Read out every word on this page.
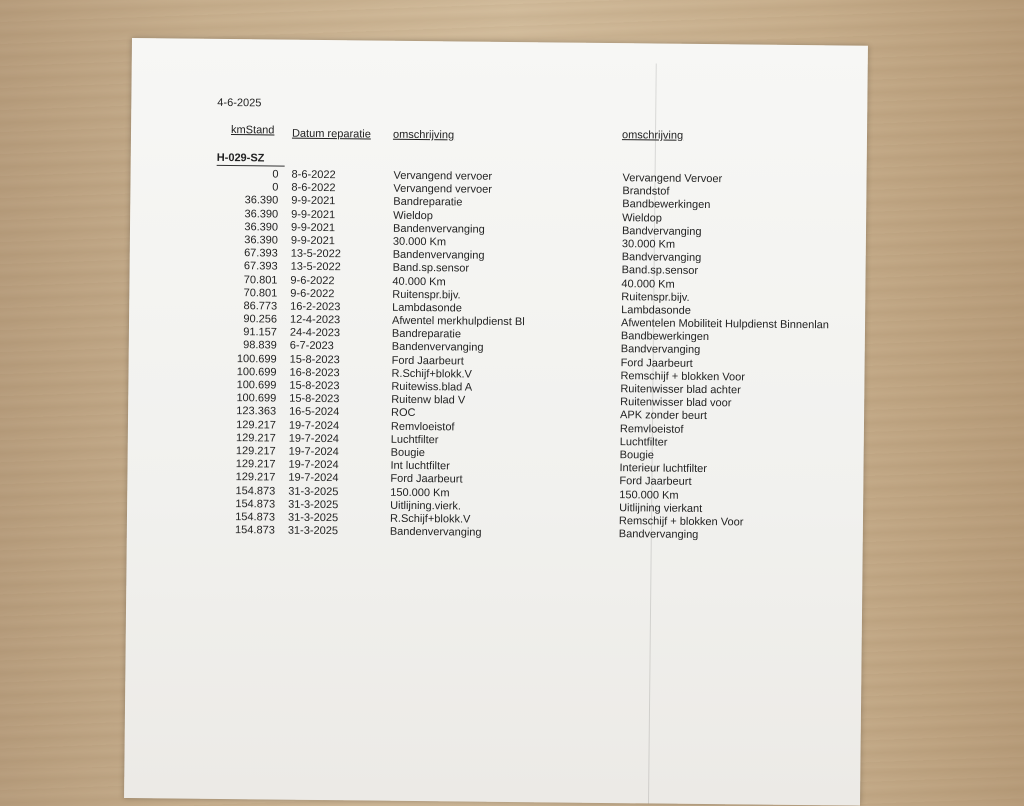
4-6-2025
kmStand Datum reparatie omschrijving	omschrijving
H-029-SZ
0 8-6-2022	Vervangend vervoer	Vervangend Vervoer
0 8-6-2022	Vervangend vervoer	Brandstof
36.390 9-9-2021	Bandreparatie	Bandbewerkingen
36.390 9-9-2021	Wieldop	Wieldop
36.390 9-9-2021	Bandenvervanging	Bandvervanging
36.390 9-9-2021	30.000 Km	30.000 Km
67.393 13-5-2022	Bandenvervanging	Bandvervanging
67.393 13-5-2022	Band.sp.sensor	Band.sp.sensor
70.801 9-6-2022	40.000 Km	40.000 Km
70.801 9-6-2022	Ruitenspr.bijv.	Ruitenspr.bijv.
86.773 16-2-2023	Lambdasonde	Lambdasonde
90.256 12-4-2023	Afwentel merkhulpdienst Bl	Afwentelen Mobiliteit Hulpdienst Binnenlan
91.157 24-4-2023	Bandreparatie	Bandbewerkingen
98.839 6-7-2023	Bandenvervanging	Bandvervanging
100.699 15-8-2023	Ford Jaarbeurt	Ford Jaarbeurt
100.699 16-8-2023	R.Schijf+blokk.V	Remschijf + blokken Voor
100.699 15-8-2023	Ruitewiss.blad A	Ruitenwisser blad achter
100.699 15-8-2023	Ruitenw blad V	Ruitenwisser blad voor
123.363 16-5-2024	ROC	APK zonder beurt
129.217 19-7-2024	Remvloeistof	Remvloeistof
129.217 19-7-2024	Luchtfilter	Luchtfilter
129.217 19-7-2024	Bougie	Bougie
129.217 19-7-2024	Int luchtfilter	Interieur luchtfilter
129.217 19-7-2024	Ford Jaarbeurt	Ford Jaarbeurt
154.873 31-3-2025	150.000 Km	150.000 Km
154.873 31-3-2025	Uitlijning.vierk.	Uitlijning vierkant
154.873 31-3-2025	R.Schijf+blokk.V	Remschijf + blokken Voor
154.873 31-3-2025	Bandenvervanging	Bandvervanging
